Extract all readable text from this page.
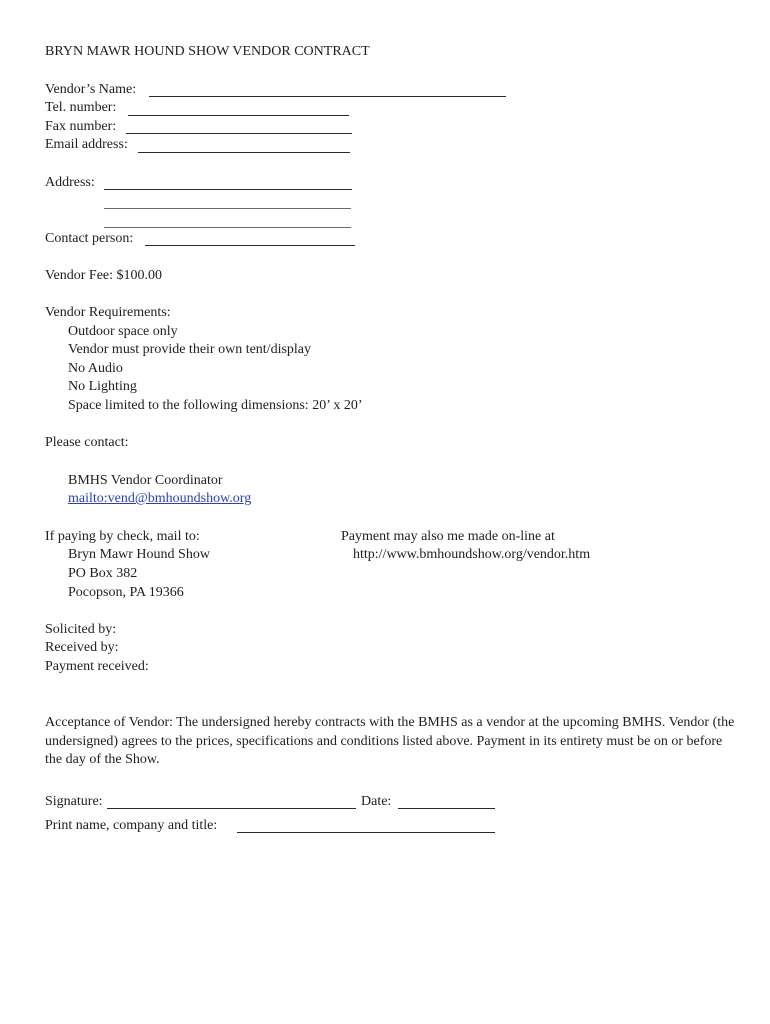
BRYN MAWR HOUND SHOW VENDOR CONTRACT
Vendor’s Name:
Tel. number:
Fax number:
Email address:
Address:
Contact person:
Vendor Fee: $100.00
Vendor Requirements:
Outdoor space only
Vendor must provide their own tent/display
No Audio
No Lighting
Space limited to the following dimensions: 20’ x 20’
Please contact:
BMHS Vendor Coordinator
mailto:vend@bmhoundshow.org
If paying by check, mail to:
Bryn Mawr Hound Show
PO Box 382
Pocopson, PA 19366
Payment may also me made on-line at
http://www.bmhoundshow.org/vendor.htm
Solicited by:
Received by:
Payment received:
Acceptance of Vendor: The undersigned hereby contracts with the BMHS as a vendor at the upcoming BMHS. Vendor (the undersigned) agrees to the prices, specifications and conditions listed above. Payment in its entirety must be on or before the day of the Show.
Signature:	Date:
Print name, company and title:
